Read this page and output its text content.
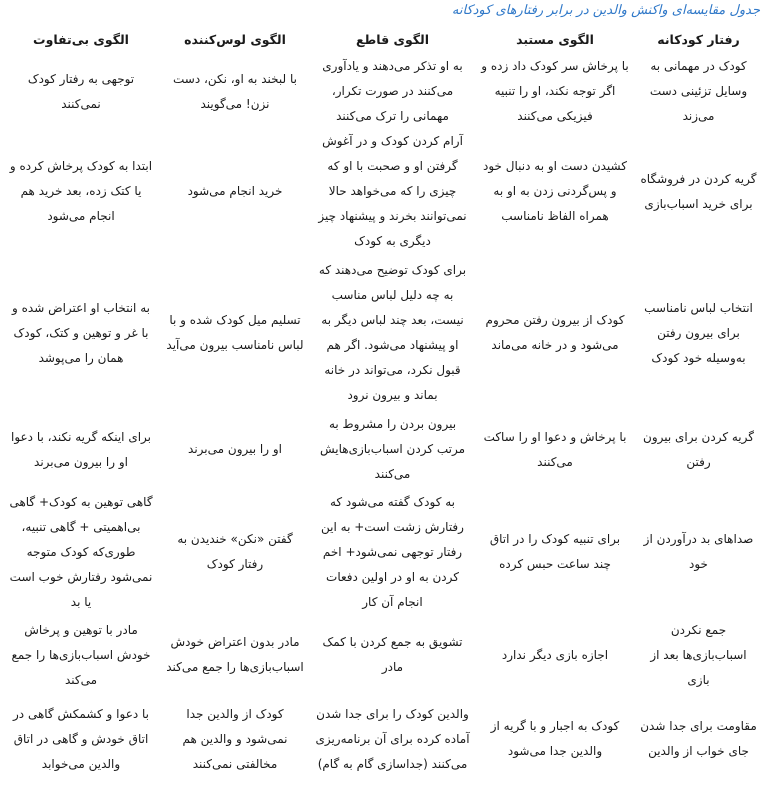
جدول مقایسه‌ای واکنش والدین در برابر رفتارهای کودکانه
رفتار کودکانه	الگوی مستبد	الگوی قاطع	الگوی لوس‌کننده	الگوی بی‌تفاوت
کودک در مهمانی به وسایل تزئینی دست می‌زند	با پرخاش سر کودک داد زده و اگر توجه نکند، او را تنبیه فیزیکی می‌کنند	به او تذکر می‌دهند و یادآوری می‌کنند در صورت تکرار، مهمانی را ترک می‌کنند	با لبخند به او، نکن، دست نزن! می‌گویند	توجهی به رفتار کودک نمی‌کنند
گریه کردن در فروشگاه برای خرید اسباب‌بازی	کشیدن دست او به دنبال خود و پس‌گردنی زدن به او به همراه الفاظ نامناسب	آرام کردن کودک و در آغوش گرفتن او و صحبت با او که چیزی را که می‌خواهد حالا نمی‌توانند بخرند و پیشنهاد چیز دیگری به کودک	خرید انجام می‌شود	ابتدا به کودک پرخاش کرده و یا کتک زده، بعد خرید هم انجام می‌شود
انتخاب لباس نامناسب برای بیرون رفتن به‌وسیله خود کودک	کودک از بیرون رفتن محروم می‌شود و در خانه می‌ماند	برای کودک توضیح می‌دهند که به چه دلیل لباس مناسب نیست، بعد چند لباس دیگر به او پیشنهاد می‌شود. اگر هم قبول نکرد، می‌تواند در خانه بماند و بیرون نرود	تسلیم میل کودک شده و با لباس نامناسب بیرون می‌آید	به انتخاب او اعتراض شده و با غر و توهین و کتک، کودک همان را می‌پوشد
گریه کردن برای بیرون رفتن	با پرخاش و دعوا او را ساکت می‌کنند	بیرون بردن را مشروط به مرتب کردن اسباب‌بازی‌هایش می‌کنند	او را بیرون می‌برند	برای اینکه گریه نکند، با دعوا او را بیرون می‌برند
صداهای بد درآوردن از خود	برای تنبیه کودک را در اتاق چند ساعت حبس کرده	به کودک گفته می‌شود که رفتارش زشت است+ به این رفتار توجهی نمی‌شود+ اخم کردن به او در اولین دفعات انجام آن کار	گفتن «نکن» خندیدن به رفتار کودک	گاهی توهین به کودک+ گاهی بی‌اهمیتی + گاهی تنبیه، طوری‌که کودک متوجه نمی‌شود رفتارش خوب است یا بد
جمع نکردن اسباب‌بازی‌ها بعد از بازی	اجازه بازی دیگر ندارد	تشویق به جمع کردن با کمک مادر	مادر بدون اعتراض خودش اسباب‌بازی‌ها را جمع می‌کند	مادر با توهین و پرخاش خودش اسباب‌بازی‌ها را جمع می‌کند
مقاومت برای جدا شدن جای خواب از والدین	کودک به اجبار و با گریه از والدین جدا می‌شود	والدین کودک را برای جدا شدن آماده کرده برای آن برنامه‌ریزی می‌کنند (جداسازی گام به گام)	کودک از والدین جدا نمی‌شود و والدین هم مخالفتی نمی‌کنند	با دعوا و کشمکش گاهی در اتاق خودش و گاهی در اتاق والدین می‌خوابد
